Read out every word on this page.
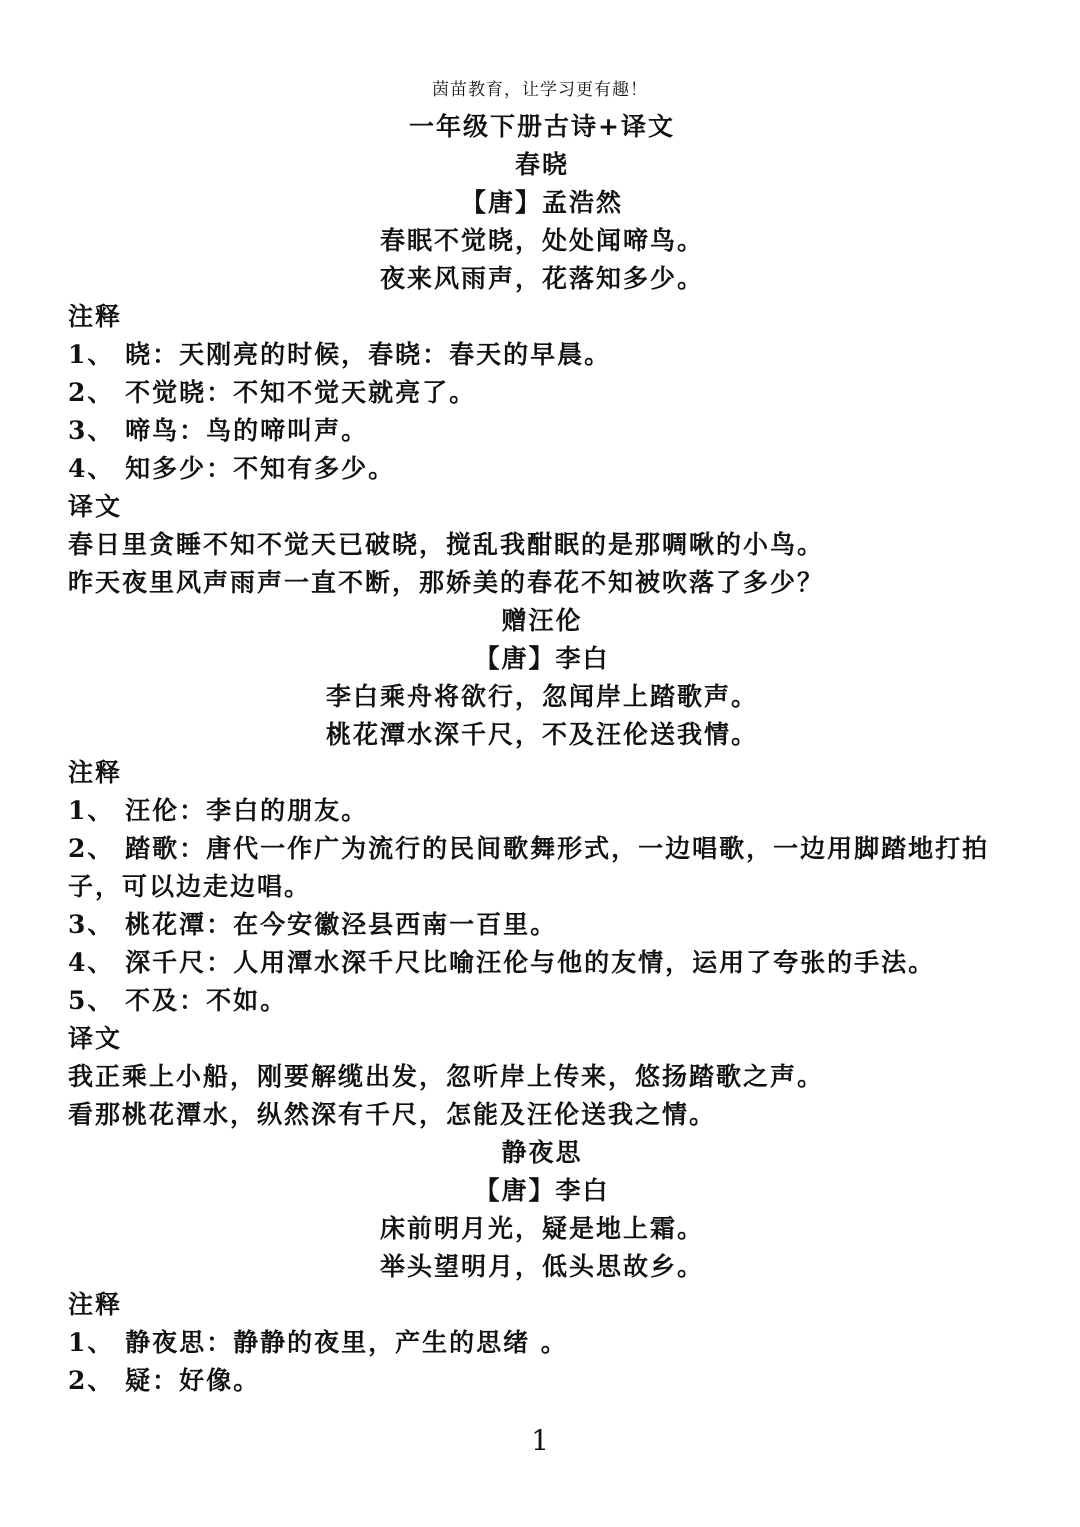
茵苗教育，让学习更有趣！
一年级下册古诗+译文
春晓
【唐】孟浩然
春眠不觉晓，处处闻啼鸟。
夜来风雨声，花落知多少。
注释
1、 晓：天刚亮的时候，春晓：春天的早晨。
2、 不觉晓：不知不觉天就亮了。
3、 啼鸟：鸟的啼叫声。
4、 知多少：不知有多少。
译文
春日里贪睡不知不觉天已破晓，搅乱我酣眠的是那啁啾的小鸟。
昨天夜里风声雨声一直不断，那娇美的春花不知被吹落了多少？
赠汪伦
【唐】李白
李白乘舟将欲行，忽闻岸上踏歌声。
桃花潭水深千尺，不及汪伦送我情。
注释
1、 汪伦：李白的朋友。
2、 踏歌：唐代一作广为流行的民间歌舞形式，一边唱歌，一边用脚踏地打拍子，可以边走边唱。
3、 桃花潭：在今安徽泾县西南一百里。
4、 深千尺：人用潭水深千尺比喻汪伦与他的友情，运用了夸张的手法。
5、 不及：不如。
译文
我正乘上小船，刚要解缆出发，忽听岸上传来，悠扬踏歌之声。
看那桃花潭水，纵然深有千尺，怎能及汪伦送我之情。
静夜思
【唐】李白
床前明月光，疑是地上霜。
举头望明月，低头思故乡。
注释
1、 静夜思：静静的夜里，产生的思绪 。
2、 疑：好像。
1
